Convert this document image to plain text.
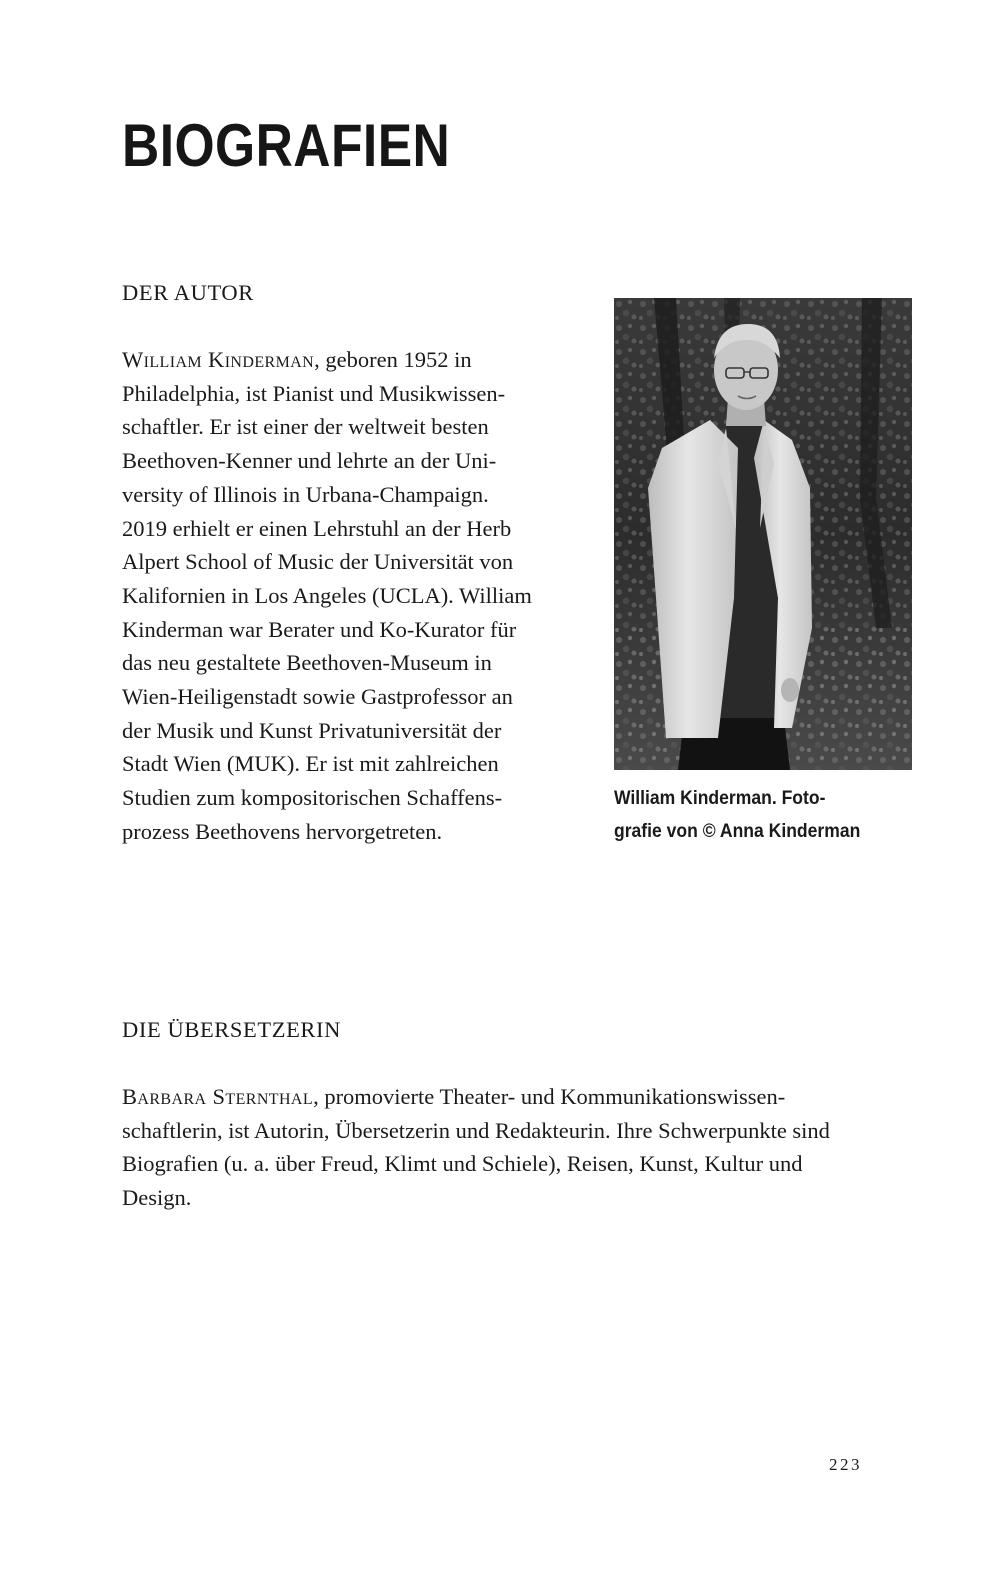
BIOGRAFIEN
DER AUTOR

William Kinderman, geboren 1952 in
Philadelphia, ist Pianist und Musikwissen-
schaftler. Er ist einer der weltweit besten
Beethoven-Kenner und lehrte an der Uni-
versity of Illinois in Urbana-Champaign.
2019 erhielt er einen Lehrstuhl an der Herb
Alpert School of Music der Universität von
Kalifornien in Los Angeles (UCLA). William
Kinderman war Berater und Ko-Kurator für
das neu gestaltete Beethoven-Museum in
Wien-Heiligenstadt sowie Gastprofessor an
der Musik und Kunst Privatuniversität der
Stadt Wien (MUK). Er ist mit zahlreichen
Studien zum kompositorischen Schaffens-
prozess Beethovens hervorgetreten.

William Kinderman. Foto-
grafie von © Anna Kinderman

DIE ÜBERSETZERIN

Barbara Sternthal, promovierte Theater- und Kommunikationswissen-
schaftlerin, ist Autorin, Übersetzerin und Redakteurin. Ihre Schwerpunkte sind
Biografien (u. a. über Freud, Klimt und Schiele), Reisen, Kunst, Kultur und
Design.

223
